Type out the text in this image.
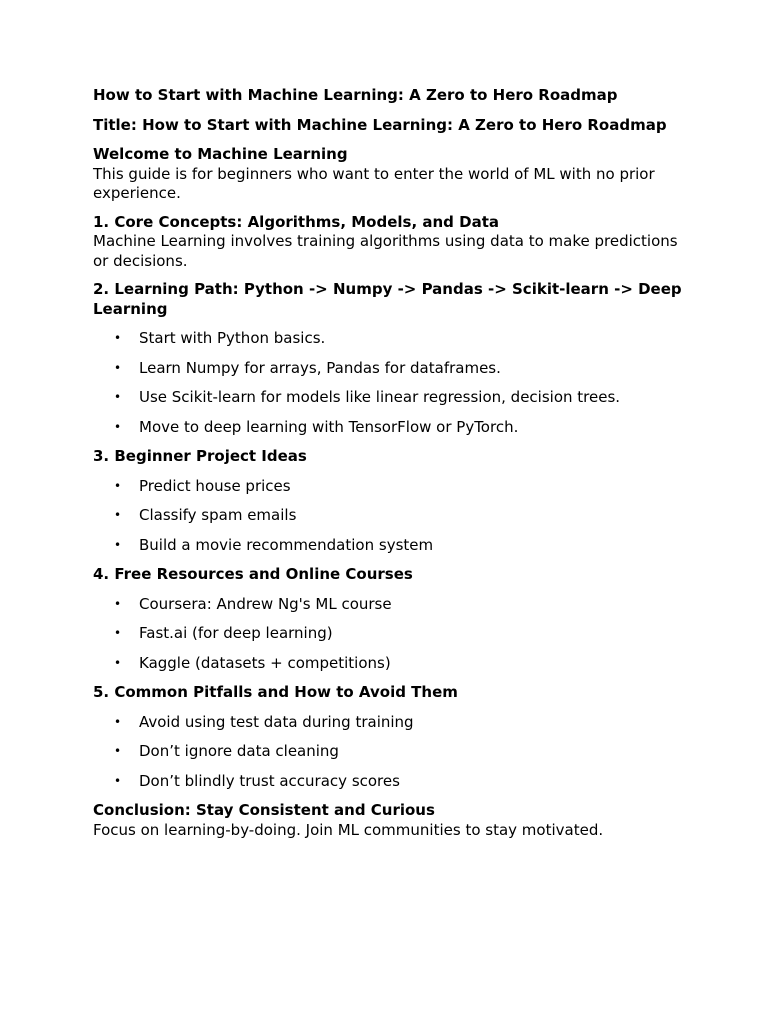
How to Start with Machine Learning: A Zero to Hero Roadmap
Title: How to Start with Machine Learning: A Zero to Hero Roadmap
Welcome to Machine Learning
This guide is for beginners who want to enter the world of ML with no prior experience.
1. Core Concepts: Algorithms, Models, and Data
Machine Learning involves training algorithms using data to make predictions or decisions.
2. Learning Path: Python -> Numpy -> Pandas -> Scikit-learn -> Deep Learning
• Start with Python basics.
• Learn Numpy for arrays, Pandas for dataframes.
• Use Scikit-learn for models like linear regression, decision trees.
• Move to deep learning with TensorFlow or PyTorch.
3. Beginner Project Ideas
• Predict house prices
• Classify spam emails
• Build a movie recommendation system
4. Free Resources and Online Courses
• Coursera: Andrew Ng's ML course
• Fast.ai (for deep learning)
• Kaggle (datasets + competitions)
5. Common Pitfalls and How to Avoid Them
• Avoid using test data during training
• Don’t ignore data cleaning
• Don’t blindly trust accuracy scores
Conclusion: Stay Consistent and Curious
Focus on learning-by-doing. Join ML communities to stay motivated.
